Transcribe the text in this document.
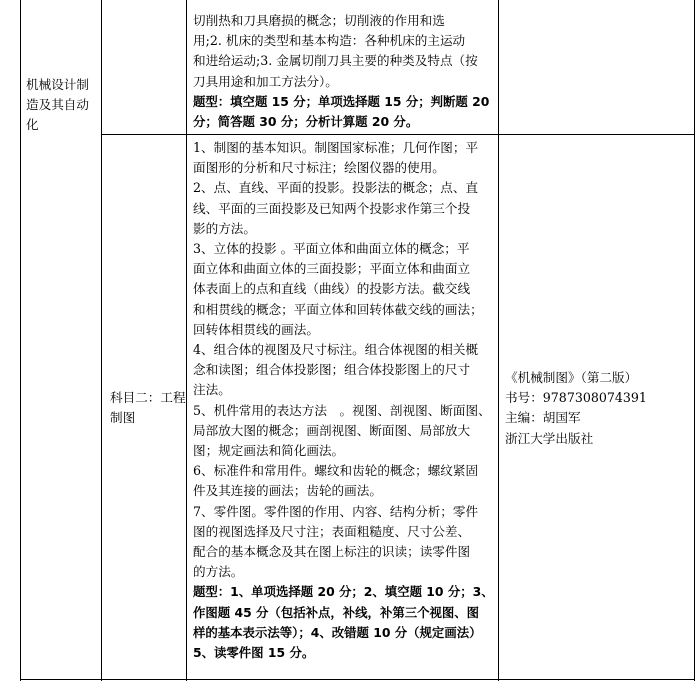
机械设计制造及其自动化

切削热和刀具磨损的概念；切削液的作用和选

用;2. 机床的类型和基本构造：各种机床的主运动

和进给运动;3. 金属切削刀具主要的种类及特点（按

刀具用途和加工方法分）。

题型：填空题 15 分；单项选择题 15 分；判断题 20

分；简答题 30 分；分析计算题 20 分。

科目二：工程制图

1、制图的基本知识。制图国家标准；几何作图；平

面图形的分析和尺寸标注；绘图仪器的使用。

2、点、直线、平面的投影。投影法的概念；点、直

线、平面的三面投影及已知两个投影求作第三个投

影的方法。

3、立体的投影 。平面立体和曲面立体的概念；平

面立体和曲面立体的三面投影；平面立体和曲面立

体表面上的点和直线（曲线）的投影方法。截交线

和相贯线的概念；平面立体和回转体截交线的画法；

回转体相贯线的画法。

4、组合体的视图及尺寸标注。组合体视图的相关概

念和读图；组合体投影图；组合体投影图上的尺寸

注法。

5、机件常用的表达方法　。视图、剖视图、断面图、

局部放大图的概念；画剖视图、断面图、局部放大

图；规定画法和简化画法。

6、标准件和常用件。螺纹和齿轮的概念；螺纹紧固

件及其连接的画法；齿轮的画法。

7、零件图。零件图的作用、内容、结构分析；零件

图的视图选择及尺寸注；表面粗糙度、尺寸公差、

配合的基本概念及其在图上标注的识读；读零件图

的方法。

题型：1、单项选择题 20 分；2、填空题 10 分；3、

作图题 45 分（包括补点，补线，补第三个视图、图

样的基本表示法等）；4、改错题 10 分（规定画法）

5、读零件图 15 分。

《机械制图》（第二版）

书号：9787308074391

主编：胡国军

浙江大学出版社
